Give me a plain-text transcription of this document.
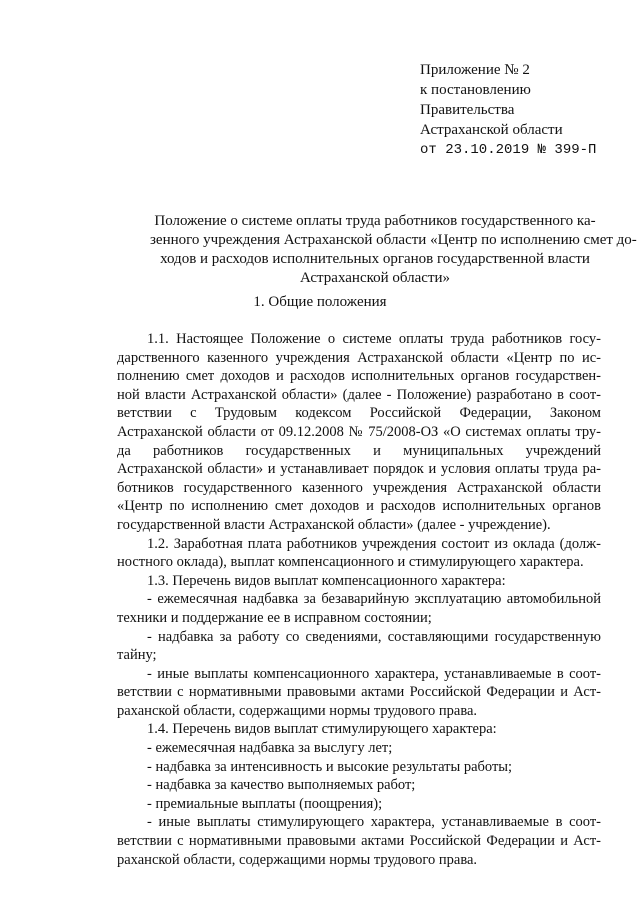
Приложение № 2
к постановлению
Правительства
Астраханской области
от 23.10.2019 № 399-П
Положение о системе оплаты труда работников государственного ка-
зенного учреждения Астраханской области «Центр по исполнению смет до-
ходов и расходов исполнительных органов государственной власти
Астраханской области»
1. Общие положения
1.1. Настоящее Положение о системе оплаты труда работников госу-
дарственного казенного учреждения Астраханской области «Центр по ис-
полнению смет доходов и расходов исполнительных органов государствен-
ной власти Астраханской области» (далее - Положение) разработано в соот-
ветствии с Трудовым кодексом Российской Федерации, Законом
Астраханской области от 09.12.2008 № 75/2008-ОЗ «О системах оплаты тру-
да работников государственных и муниципальных учреждений
Астраханской области» и устанавливает порядок и условия оплаты труда ра-
ботников государственного казенного учреждения Астраханской области
«Центр по исполнению смет доходов и расходов исполнительных органов
государственной власти Астраханской области» (далее - учреждение).
1.2. Заработная плата работников учреждения состоит из оклада (долж-
ностного оклада), выплат компенсационного и стимулирующего характера.
1.3. Перечень видов выплат компенсационного характера:
- ежемесячная надбавка за безаварийную эксплуатацию автомобильной
техники и поддержание ее в исправном состоянии;
- надбавка за работу со сведениями, составляющими государственную
тайну;
- иные выплаты компенсационного характера, устанавливаемые в соот-
ветствии с нормативными правовыми актами Российской Федерации и Аст-
раханской области, содержащими нормы трудового права.
1.4. Перечень видов выплат стимулирующего характера:
- ежемесячная надбавка за выслугу лет;
- надбавка за интенсивность и высокие результаты работы;
- надбавка за качество выполняемых работ;
- премиальные выплаты (поощрения);
- иные выплаты стимулирующего характера, устанавливаемые в соот-
ветствии с нормативными правовыми актами Российской Федерации и Аст-
раханской области, содержащими нормы трудового права.
